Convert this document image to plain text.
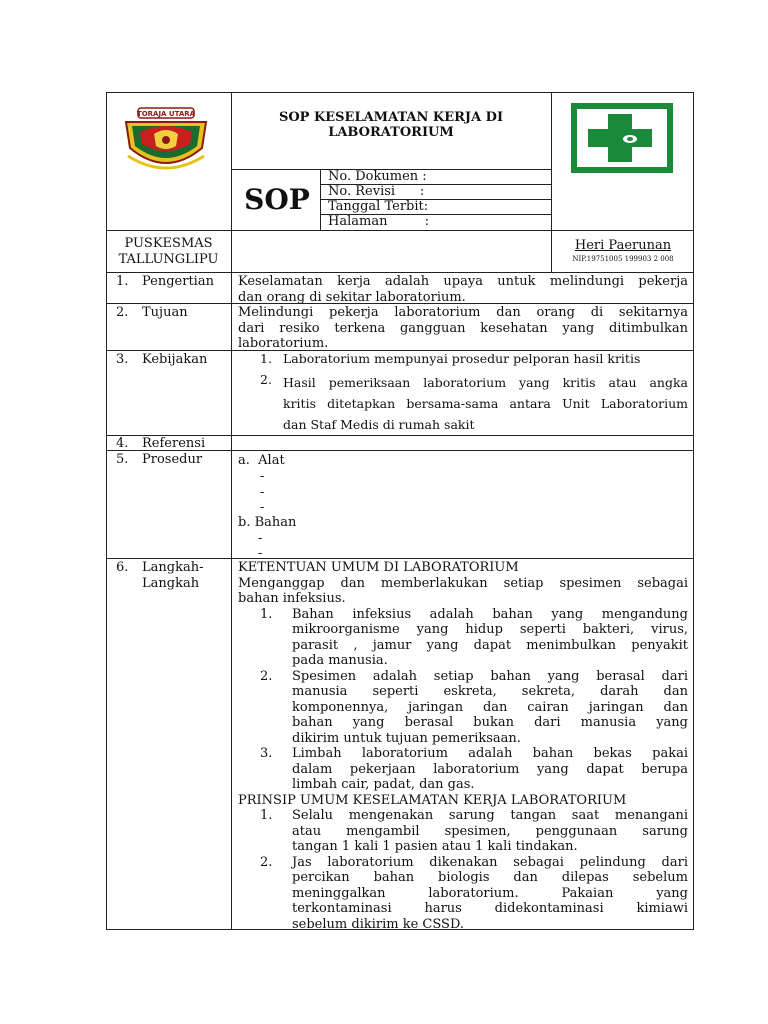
TORAJA UTARA	SOP KESELAMATAN KERJA DI
LABORATORIUM
SOP
No. Dokumen :
No. Revisi      :
Tanggal Terbit:
Halaman         :
PUSKESMAS
TALLUNGLIPU
Heri Paerunan
NIP.19751005 199903 2 008
1. Pengertian Keselamatan kerja adalah upaya untuk melindungi pekerja
dan orang di sekitar laboratorium.
2. Tujuan	Melindungi pekerja laboratorium dan orang di sekitarnya
dari resiko terkena gangguan kesehatan yang ditimbulkan
laboratorium.
3. Kebijakan	1. Laboratorium mempunyai prosedur pelporan hasil kritis
2. Hasil pemeriksaan laboratorium yang kritis atau angka
kritis ditetapkan bersama-sama antara Unit Laboratorium
dan Staf Medis di rumah sakit
4. Referensi
5. Prosedur	a.  Alat
-
-
-
b. Bahan
-
-
6. Langkah-
Langkah
KETENTUAN UMUM DI LABORATORIUM
Menganggap dan memberlakukan setiap spesimen sebagai
bahan infeksius.
1. Bahan infeksius adalah bahan yang mengandung
mikroorganisme yang hidup seperti bakteri, virus,
parasit , jamur yang dapat menimbulkan penyakit
pada manusia.
2. Spesimen adalah setiap bahan yang berasal dari
manusia seperti eskreta, sekreta, darah dan
komponennya, jaringan dan cairan jaringan dan
bahan yang berasal bukan dari manusia yang
dikirim untuk tujuan pemeriksaan.
3. Limbah laboratorium adalah bahan bekas pakai
dalam pekerjaan laboratorium yang dapat berupa
limbah cair, padat, dan gas.
PRINSIP UMUM KESELAMATAN KERJA LABORATORIUM
1. Selalu mengenakan sarung tangan saat menangani
atau mengambil spesimen, penggunaan sarung
tangan 1 kali 1 pasien atau 1 kali tindakan.
2. Jas laboratorium dikenakan sebagai pelindung dari
percikan bahan biologis dan dilepas sebelum
meninggalkan laboratorium. Pakaian yang
terkontaminasi harus didekontaminasi kimiawi
sebelum dikirim ke CSSD.
